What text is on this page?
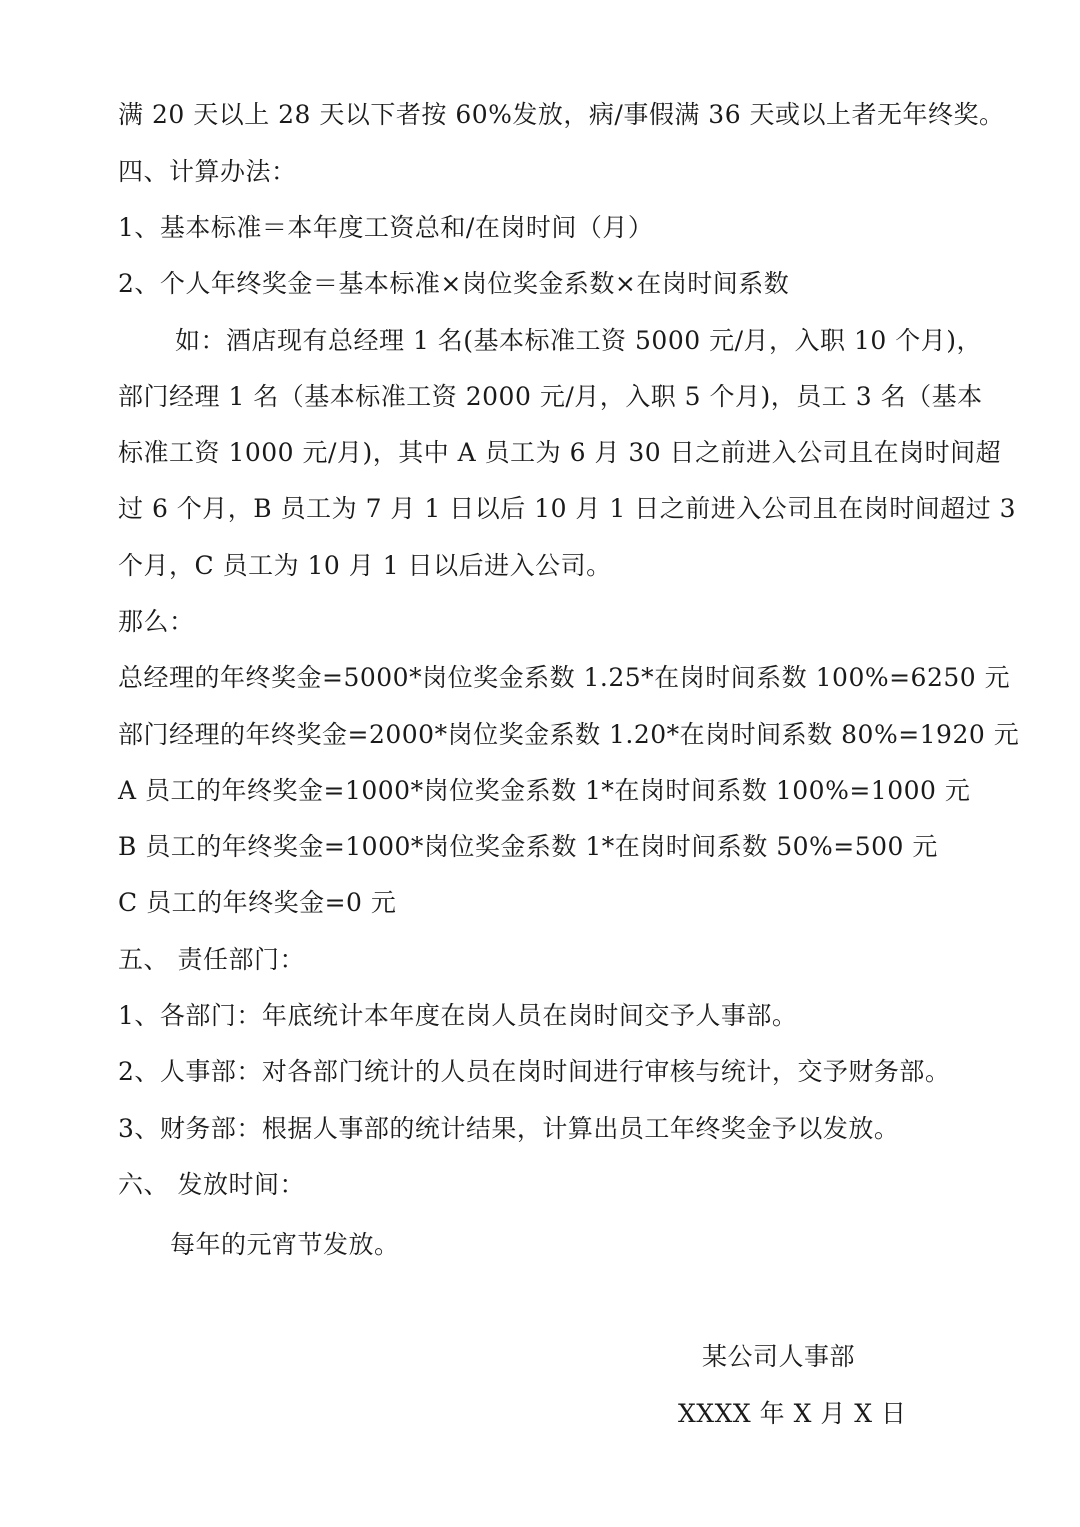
满 20 天以上 28 天以下者按 60%发放，病/事假满 36 天或以上者无年终奖。
四、计算办法：
1、基本标准＝本年度工资总和/在岗时间（月）
2、个人年终奖金＝基本标准×岗位奖金系数×在岗时间系数
如：酒店现有总经理 1 名(基本标准工资 5000 元/月，入职 10 个月)，
部门经理 1 名（基本标准工资 2000 元/月，入职 5 个月)，员工 3 名（基本
标准工资 1000 元/月)，其中 A 员工为 6 月 30 日之前进入公司且在岗时间超
过 6 个月，B 员工为 7 月 1 日以后 10 月 1 日之前进入公司且在岗时间超过 3
个月，C 员工为 10 月 1 日以后进入公司。
那么：
总经理的年终奖金=5000*岗位奖金系数 1.25*在岗时间系数 100%=6250 元
部门经理的年终奖金=2000*岗位奖金系数 1.20*在岗时间系数 80%=1920 元
A 员工的年终奖金=1000*岗位奖金系数 1*在岗时间系数 100%=1000 元
B 员工的年终奖金=1000*岗位奖金系数 1*在岗时间系数 50%=500 元
C 员工的年终奖金=0 元
五、 责任部门：
1、各部门：年底统计本年度在岗人员在岗时间交予人事部。
2、人事部：对各部门统计的人员在岗时间进行审核与统计，交予财务部。
3、财务部：根据人事部的统计结果，计算出员工年终奖金予以发放。
六、 发放时间：
每年的元宵节发放。
某公司人事部
XXXX 年 X 月 X 日
